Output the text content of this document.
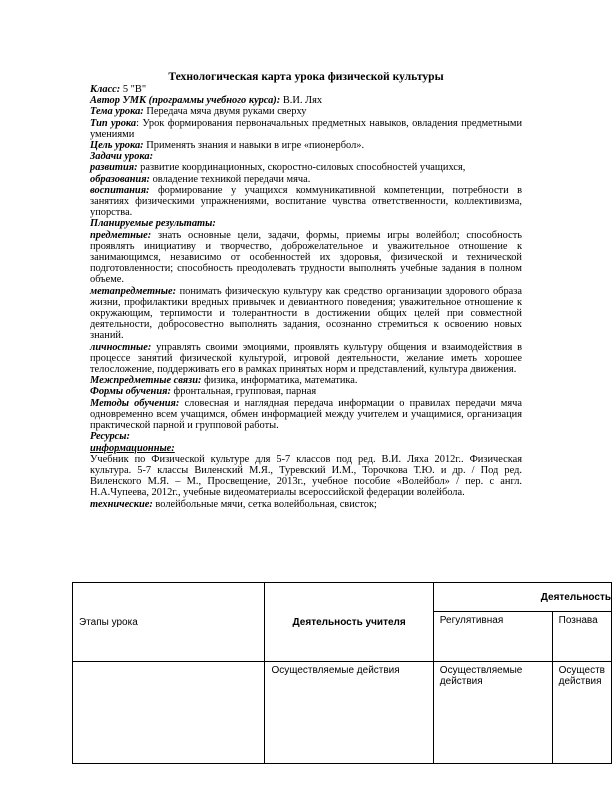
Технологическая карта урока физической культуры
Класс: 5 "В"
Автор УМК (программы учебного курса): В.И. Лях
Тема урока: Передача мяча двумя руками сверху
Тип урока: Урок формирования первоначальных предметных навыков, овладения предметными умениями
Цель урока: Применять знания и навыки в игре «пионербол».
Задачи урока:
развития: развитие координационных, скоростно-силовых способностей учащихся,
образования: овладение техникой передачи мяча.
воспитания: формирование у учащихся коммуникативной компетенции, потребности в занятиях физическими упражнениями, воспитание чувства ответственности, коллективизма, упорства.
Планируемые результаты:
предметные: знать основные цели, задачи, формы, приемы игры волейбол; способность проявлять инициативу и творчество, доброжелательное и уважительное отношение к занимающимся, независимо от особенностей их здоровья, физической и технической подготовленности; способность преодолевать трудности выполнять учебные задания в полном объеме.
метапредметные: понимать физическую культуру как средство организации здорового образа жизни, профилактики вредных привычек и девиантного поведения; уважительное отношение к окружающим, терпимости и толерантности в достижении общих целей при совместной деятельности, добросовестно выполнять задания, осознанно стремиться к освоению новых знаний.
личностные: управлять своими эмоциями, проявлять культуру общения и взаимодействия в процессе занятий физической культурой, игровой деятельности, желание иметь хорошее телосложение, поддерживать его в рамках принятых норм и представлений, культура движения.
Межпредметные связи: физика, информатика, математика.
Формы обучения: фронтальная, групповая, парная
Методы обучения: словесная и наглядная передача информации о правилах передачи мяча одновременно всем учащимся, обмен информацией между учителем и учащимися, организация практической парной и групповой работы.
Ресурсы:
информационные:
Учебник по Физической культуре для 5-7 классов под ред. В.И. Ляха 2012г.. Физическая культура. 5-7 классы Виленский М.Я., Туревский И.М., Торочкова Т.Ю. и др. / Под ред. Виленского М.Я. – М., Просвещение, 2013г., учебное пособие «Волейбол» / пер. с англ. Н.А.Чупеева, 2012г., учебные видеоматериалы всероссийской федерации волейбола.
технические: волейбольные мячи, сетка волейбольная, свисток;
Этапы урока	Деятельность учителя	Деятельность	
		Регулятивная	Познава
	Осуществляемые действия	Осуществляемые действия	Осуществ действия
